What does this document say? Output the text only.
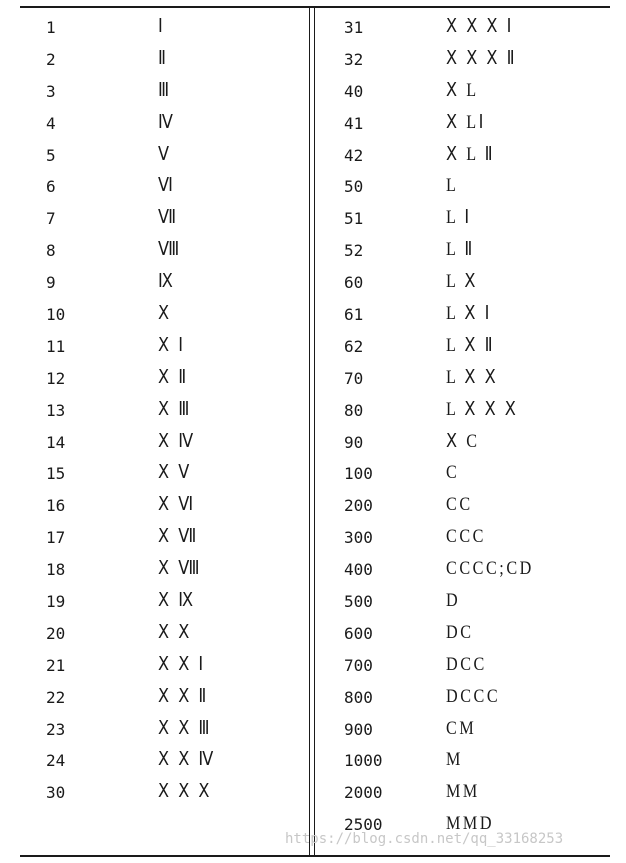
1	Ⅰ
2	Ⅱ
3	Ⅲ
4	Ⅳ
5	Ⅴ
6	Ⅵ
7	Ⅶ
8	Ⅷ
9	Ⅸ
10	Ⅹ
11	Ⅹ Ⅰ
12	Ⅹ Ⅱ
13	Ⅹ Ⅲ
14	Ⅹ Ⅳ
15	Ⅹ Ⅴ
16	Ⅹ Ⅵ
17	Ⅹ Ⅶ
18	Ⅹ Ⅷ
19	Ⅹ Ⅸ
20	Ⅹ Ⅹ
21	Ⅹ Ⅹ Ⅰ
22	Ⅹ Ⅹ Ⅱ
23	Ⅹ Ⅹ Ⅲ
24	Ⅹ Ⅹ Ⅳ
30	Ⅹ Ⅹ Ⅹ
31	Ⅹ Ⅹ Ⅹ Ⅰ
32	Ⅹ Ⅹ Ⅹ Ⅱ
40	Ⅹ L
41	Ⅹ LⅠ
42	Ⅹ L Ⅱ
50	L
51	L Ⅰ
52	L Ⅱ
60	L Ⅹ
61	L Ⅹ Ⅰ
62	L Ⅹ Ⅱ
70	L Ⅹ Ⅹ
80	L Ⅹ Ⅹ Ⅹ
90	Ⅹ C
100	C
200	CC
300	CCC
400	CCCC;CD
500	D
600	DC
700	DCC
800	DCCC
900	CM
1000	M
2000	MM
2500	MMD
https://blog.csdn.net/qq_33168253
